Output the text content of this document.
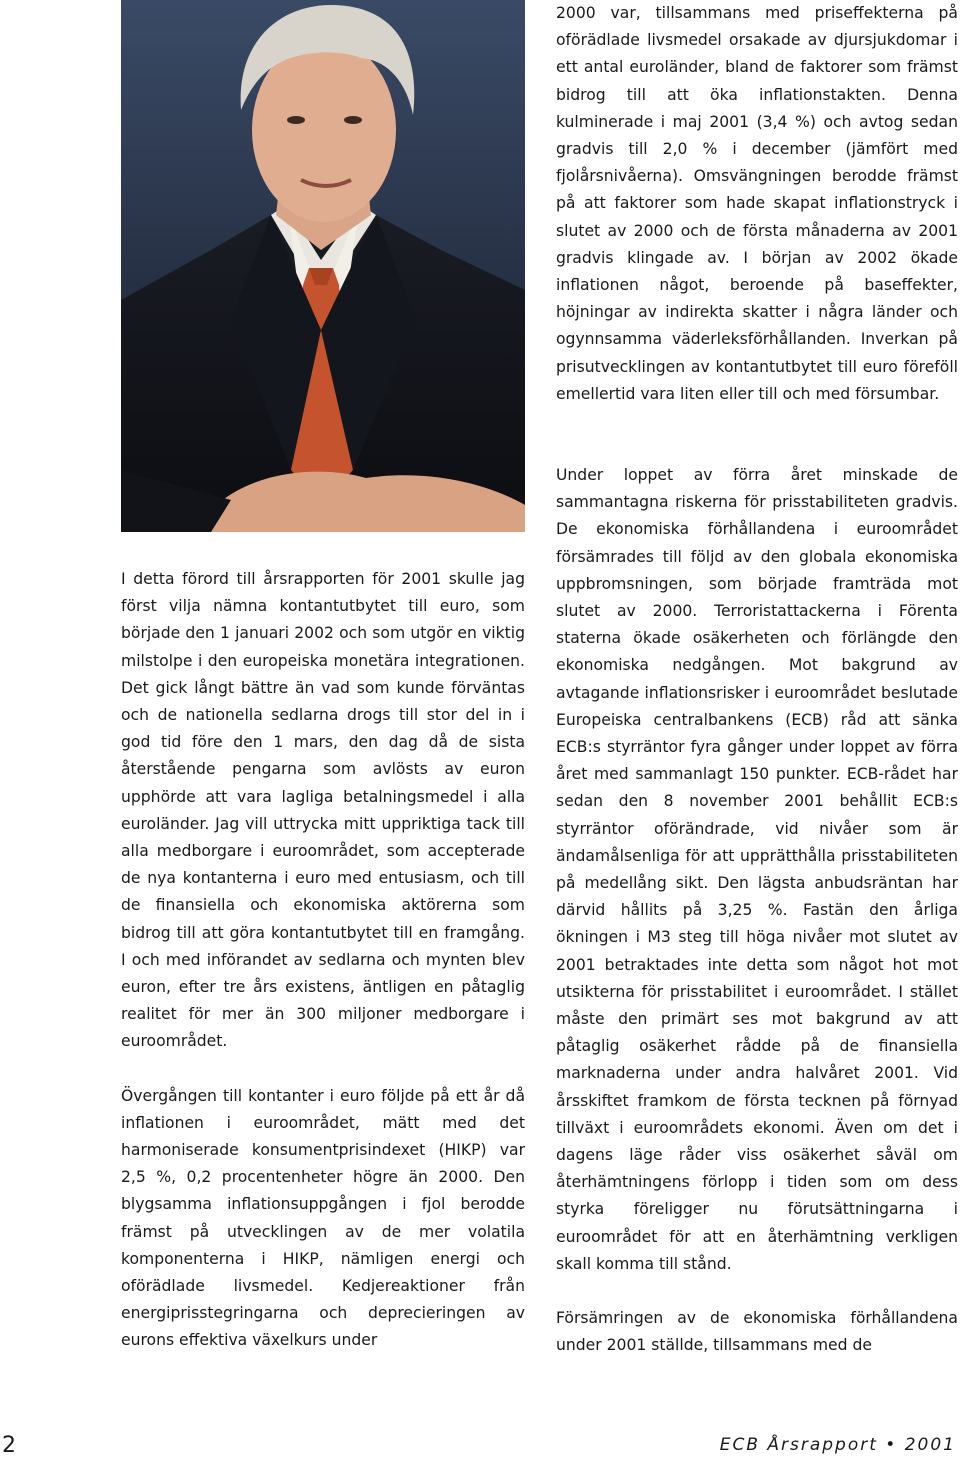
I detta förord till årsrapporten för 2001 skulle jag först vilja nämna kontantutbytet till euro, som började den 1 januari 2002 och som utgör en viktig milstolpe i den europeiska monetära integrationen. Det gick långt bättre än vad som kunde förväntas och de nationella sedlarna drogs till stor del in i god tid före den 1 mars, den dag då de sista återstående pengarna som avlösts av euron upphörde att vara lagliga betalningsmedel i alla euroländer. Jag vill uttrycka mitt uppriktiga tack till alla medborgare i euroområdet, som accepterade de nya kontanterna i euro med entusiasm, och till de finansiella och ekonomiska aktörerna som bidrog till att göra kontantutbytet till en framgång. I och med införandet av sedlarna och mynten blev euron, efter tre års existens, äntligen en påtaglig realitet för mer än 300 miljoner medborgare i euroområdet.

Övergången till kontanter i euro följde på ett år då inflationen i euroområdet, mätt med det harmoniserade konsumentprisindexet (HIKP) var 2,5 %, 0,2 procentenheter högre än 2000. Den blygsamma inflationsuppgången i fjol berodde främst på utvecklingen av de mer volatila komponenterna i HIKP, nämligen energi och oförädlade livsmedel. Kedjereaktioner från energiprisstegringarna och deprecieringen av eurons effektiva växelkurs under

2000 var, tillsammans med priseffekterna på oförädlade livsmedel orsakade av djursjukdomar i ett antal euroländer, bland de faktorer som främst bidrog till att öka inflationstakten. Denna kulminerade i maj 2001 (3,4 %) och avtog sedan gradvis till 2,0 % i december (jämfört med fjolårsnivåerna). Omsvängningen berodde främst på att faktorer som hade skapat inflationstryck i slutet av 2000 och de första månaderna av 2001 gradvis klingade av. I början av 2002 ökade inflationen något, beroende på baseffekter, höjningar av indirekta skatter i några länder och ogynnsamma väderleksförhållanden. Inverkan på prisutvecklingen av kontantutbytet till euro föreföll emellertid vara liten eller till och med försumbar.

Under loppet av förra året minskade de sammantagna riskerna för prisstabiliteten gradvis. De ekonomiska förhållandena i euroområdet försämrades till följd av den globala ekonomiska uppbromsningen, som började framträda mot slutet av 2000. Terroristattackerna i Förenta staterna ökade osäkerheten och förlängde den ekonomiska nedgången. Mot bakgrund av avtagande inflationsrisker i euroområdet beslutade Europeiska centralbankens (ECB) råd att sänka ECB:s styrräntor fyra gånger under loppet av förra året med sammanlagt 150 punkter. ECB-rådet har sedan den 8 november 2001 behållit ECB:s styrräntor oförändrade, vid nivåer som är ändamålsenliga för att upprätthålla prisstabiliteten på medellång sikt. Den lägsta anbudsräntan har därvid hållits på 3,25 %. Fastän den årliga ökningen i M3 steg till höga nivåer mot slutet av 2001 betraktades inte detta som något hot mot utsikterna för prisstabilitet i euroområdet. I stället måste den primärt ses mot bakgrund av att påtaglig osäkerhet rådde på de finansiella marknaderna under andra halvåret 2001. Vid årsskiftet framkom de första tecknen på förnyad tillväxt i euroområdets ekonomi. Även om det i dagens läge råder viss osäkerhet såväl om återhämtningens förlopp i tiden som om dess styrka föreligger nu förutsättningarna i euroområdet för att en återhämtning verkligen skall komma till stånd.

Försämringen av de ekonomiska förhållandena under 2001 ställde, tillsammans med de

2	ECB Årsrapport • 2001
